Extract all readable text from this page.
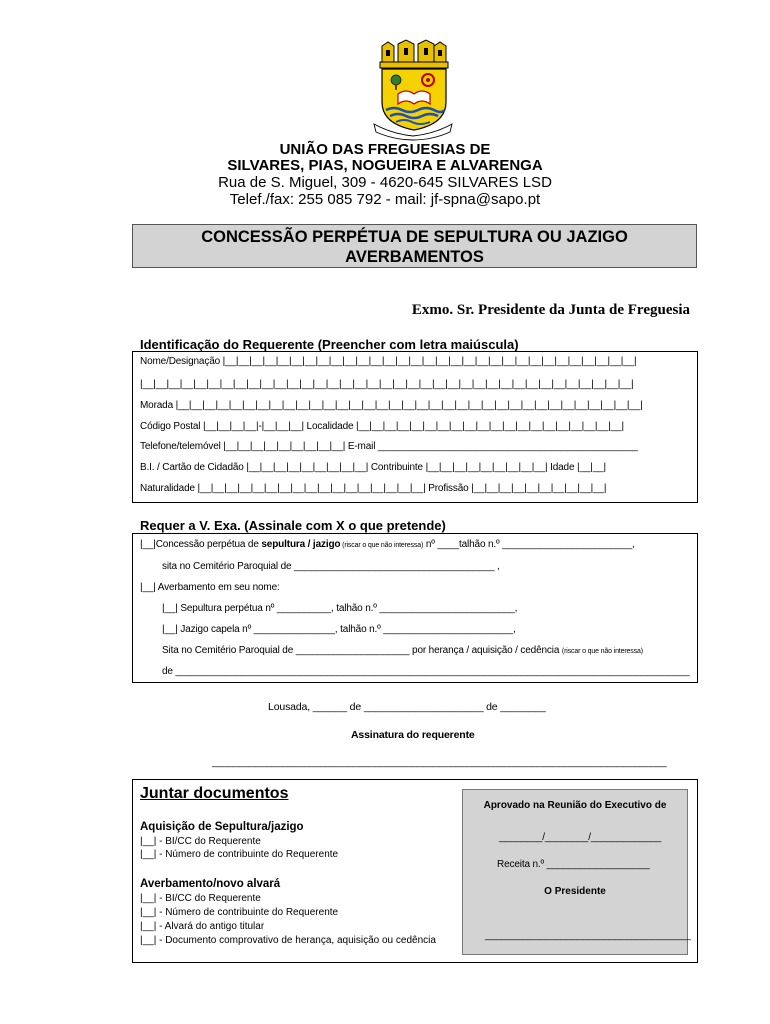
UNIÃO DAS FREGUESIAS DE
SILVARES, PIAS, NOGUEIRA E ALVARENGA
Rua de S. Miguel, 309 - 4620-645 SILVARES LSD
Telef./fax: 255 085 792 - mail: jf-spna@sapo.pt
CONCESSÃO PERPÉTUA DE SEPULTURA OU JAZIGO
AVERBAMENTOS
Exmo. Sr. Presidente da Junta de Freguesia
Identificação do Requerente (Preencher com letra maiúscula)
Nome/Designação |__|__|__|__|__|__|__|__|__|__|__|__|__|__|__|__|__|__|__|__|__|__|__|__|__|__|__|__|__|__|__|
|__|__|__|__|__|__|__|__|__|__|__|__|__|__|__|__|__|__|__|__|__|__|__|__|__|__|__|__|__|__|__|__|__|__|__|__|__|
Morada |__|__|__|__|__|__|__|__|__|__|__|__|__|__|__|__|__|__|__|__|__|__|__|__|__|__|__|__|__|__|__|__|__|__|__|
Código Postal |__|__|__|__|-|__|__|__| Localidade |__|__|__|__|__|__|__|__|__|__|__|__|__|__|__|__|__|__|__|__|
Telefone/telemóvel |__|__|__|__|__|__|__|__|__| E-mail ________________________________________________
B.I. / Cartão de Cidadão |__|__|__|__|__|__|__|__|__| Contribuinte |__|__|__|__|__|__|__|__|__| Idade |__|__|
Naturalidade |__|__|__|__|__|__|__|__|__|__|__|__|__|__|__|__|__| Profissão |__|__|__|__|__|__|__|__|__|__|
Requer a V. Exa. (Assinale com X o que pretende)
|__|Concessão perpétua de sepultura / jazigo (riscar o que não interessa) nº ____talhão n.º ________________________,
sita no Cemitério Paroquial de _____________________________________ ,
|__| Averbamento em seu nome:
|__| Sepultura perpétua nº __________, talhão n.º _________________________,
|__| Jazigo capela nº _______________, talhão n.º ________________________,
Sita no Cemitério Paroquial de _____________________ por herança / aquisição / cedência (riscar o que não interessa)
de _______________________________________________________________________________________________
Lousada, ______ de _____________________ de ________
Assinatura do requerente
____________________________________________________________________________________
Juntar documentos
Aquisição de Sepultura/jazigo
|__| - BI/CC do Requerente
|__| - Número de contribuinte do Requerente
Averbamento/novo alvará
|__| - BI/CC do Requerente
|__| - Número de contribuinte do Requerente
|__| - Alvará do antigo titular
|__| - Documento comprovativo de herança, aquisição ou cedência
Aprovado na Reunião do Executivo de
________/________/_____________
Receita n.º ___________________
O Presidente
______________________________________
